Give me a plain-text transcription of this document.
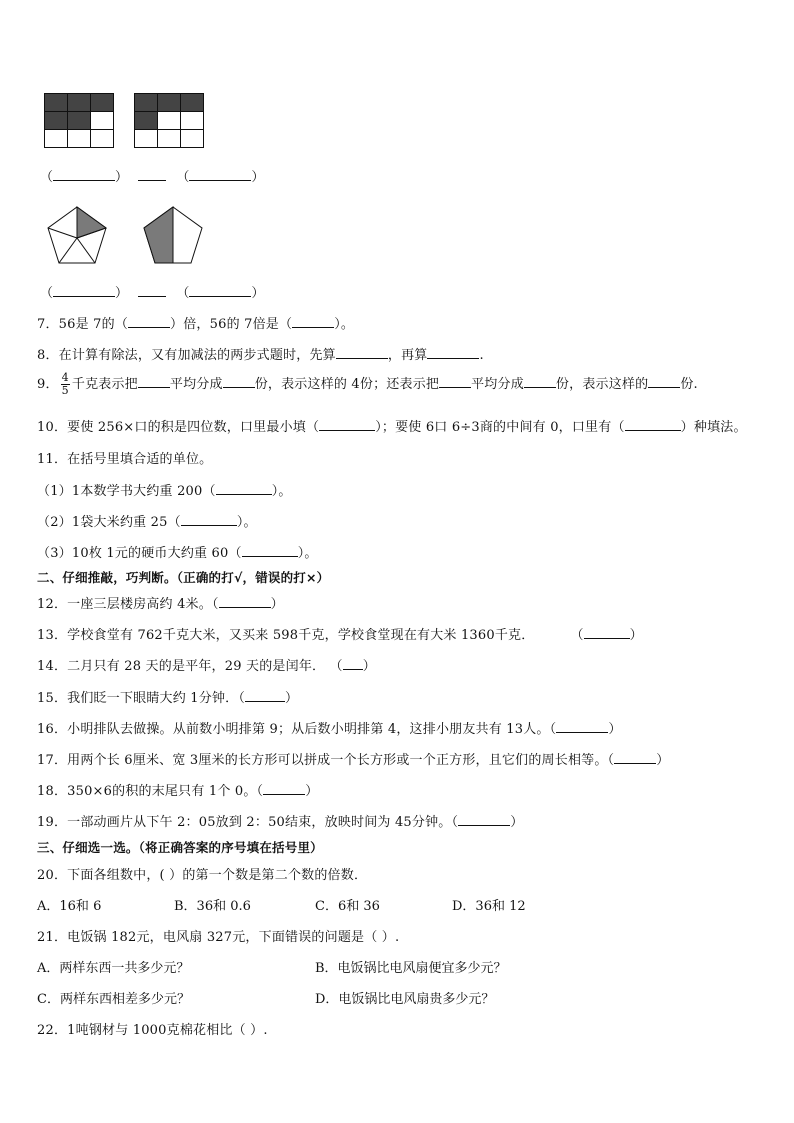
（	）	（	）
（	）	（	）
7．56是 7的（	）倍，56的 7倍是（	）。
8．在计算有除法，又有加减法的两步式题时，先算	，再算	.
9． $\frac{4}{5}$ 千克表示把 平均分成 份，表示这样的 4份；还表示把 平均分成 份，表示这样的 份.
10．要使 256×口的积是四位数，口里最小填（	）；要使 6口 6÷3商的中间有 0，口里有（	）种填法。
11．在括号里填合适的单位。
（1）1本数学书大约重 200（	）。
（2）1袋大米约重 25（	）。
（3）10枚 1元的硬币大约重 60（	）。
二、仔细推敲，巧判断。（正确的打√，错误的打×）
12．一座三层楼房高约 4米。（	）
13．学校食堂有 762千克大米，又买来 598千克，学校食堂现在有大米 1360千克．	（	）
14．二月只有 28 天的是平年，29 天的是闰年． （ ）
15．我们眨一下眼睛大约 1分钟．（	）
16．小明排队去做操。从前数小明排第 9；从后数小明排第 4，这排小朋友共有 13人。（	）
17．用两个长 6厘米、宽 3厘米的长方形可以拼成一个长方形或一个正方形，且它们的周长相等。（	）
18．350×6的积的末尾只有 1个 0。（	）
19．一部动画片从下午 2：05放到 2：50结束，放映时间为 45分钟。（	）
三、仔细选一选。（将正确答案的序号填在括号里）
20．下面各组数中，( ）的第一个数是第二个数的倍数．
A．16和 6	B．36和 0.6	C．6和 36	D．36和 12
21．电饭锅 182元，电风扇 327元，下面错误的问题是（ ）.
A．两样东西一共多少元？	B．电饭锅比电风扇便宜多少元？
C．两样东西相差多少元？	D．电饭锅比电风扇贵多少元？
22．1吨钢材与 1000克棉花相比（ ）.
